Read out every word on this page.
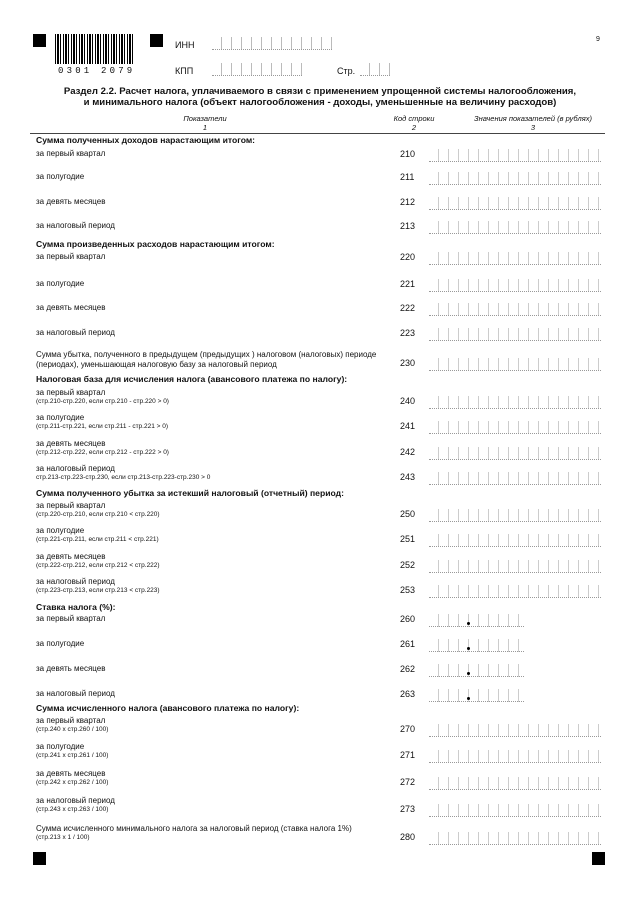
0301 2079
ИНН
КПП	Стр.
9
Раздел 2.2. Расчет налога, уплачиваемого в связи с применением упрощенной системы налогообложения,
и минимального налога (объект налогообложения - доходы, уменьшенные на величину расходов)
Показатели
1
Код строки
2
Значения показателей (в рублях)
3
Сумма полученных доходов нарастающим итогом:
Сумма произведенных расходов нарастающим итогом:
Налоговая база для исчисления налога (авансового платежа по налогу):
Сумма полученного убытка за истекший налоговый (отчетный) период:
Ставка налога (%):
Сумма исчисленного налога (авансового платежа по налогу):
за первый квартал	210
за полугодие	211
за девять месяцев	212
за налоговый период	213
за первый квартал	220
за полугодие	221
за девять месяцев	222
за налоговый период	223
Сумма убытка, полученного в предыдущем (предыдущих ) налоговом (налоговых) периоде (периодах), уменьшающая налоговую базу за налоговый период	230
за первый квартал
(стр.210-стр.220, если стр.210 - стр.220 > 0)	240
за полугодие
(стр.211-стр.221, если стр.211 - стр.221 > 0)	241
за девять месяцев
(стр.212-стр.222, если стр.212 - стр.222 > 0)	242
за налоговый период
стр.213-стр.223-стр.230, если стр.213-стр.223-стр.230 > 0	243
за первый квартал
(стр.220-стр.210, если стр.210 < стр.220)	250
за полугодие
(стр.221-стр.211, если стр.211 < стр.221)	251
за девять месяцев
(стр.222-стр.212, если стр.212 < стр.222)	252
за налоговый период
(стр.223-стр.213, если стр.213 < стр.223)	253
за первый квартал	260
за полугодие	261
за девять месяцев	262
за налоговый период	263
за первый квартал
(стр.240 х стр.260 / 100)	270
за полугодие
(стр.241 х стр.261 / 100)	271
за девять месяцев
(стр.242 х стр.262 / 100)	272
за налоговый период
(стр.243 х стр.263 / 100)	273
Сумма исчисленного минимального налога за налоговый период (ставка налога 1%)
(стр.213 х 1 / 100)	280
